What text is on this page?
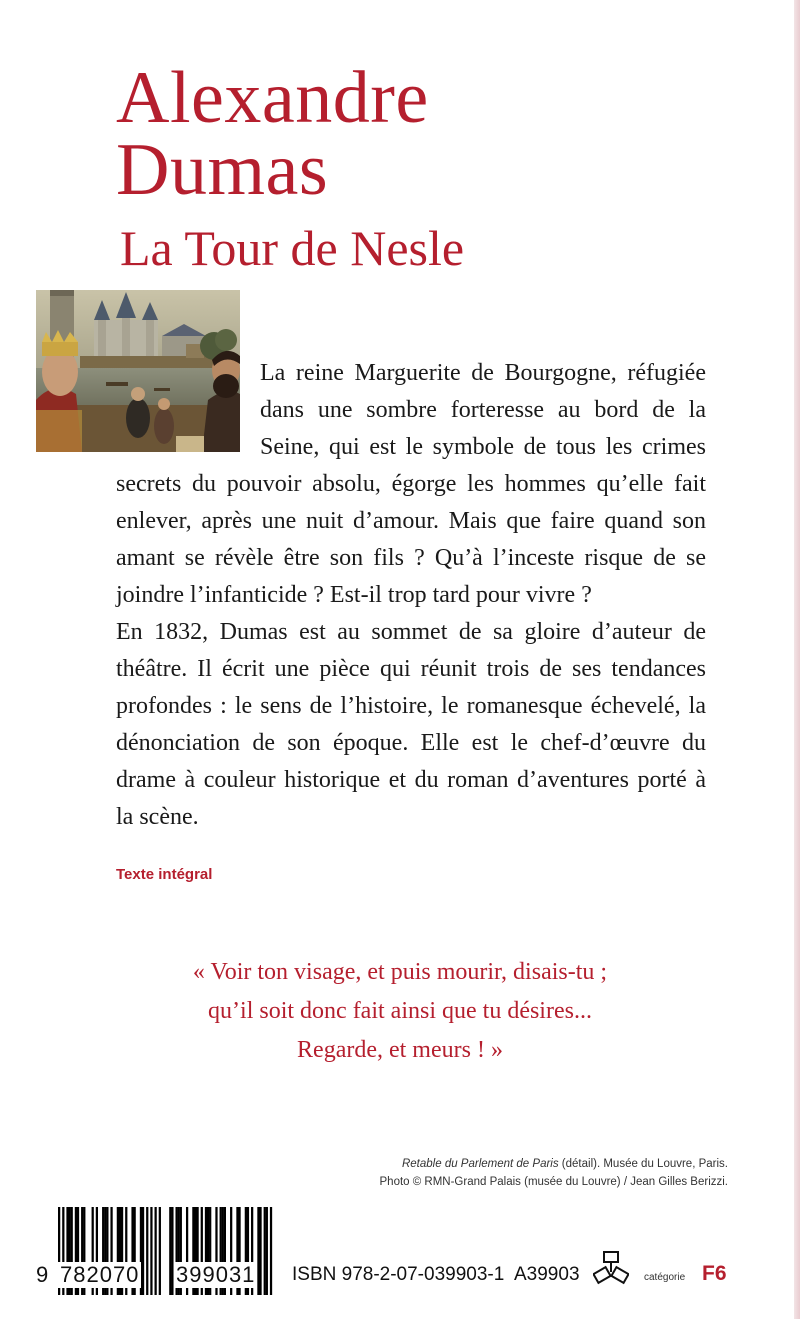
Alexandre
Dumas
La Tour de Nesle

La reine Marguerite de Bourgogne, réfugiée dans une sombre forteresse au bord de la Seine, qui est le symbole de tous les crimes secrets du pouvoir absolu, égorge les hommes qu’elle fait enlever, après une nuit d’amour. Mais que faire quand son amant se révèle être son fils ? Qu’à l’inceste risque de se joindre l’infanticide ? Est-il trop tard pour vivre ?

En 1832, Dumas est au sommet de sa gloire d’auteur de théâtre. Il écrit une pièce qui réunit trois de ses tendances profondes : le sens de l’histoire, le romanesque échevelé, la dénonciation de son époque. Elle est le chef-d’œuvre du drame à couleur historique et du roman d’aventures porté à la scène.

Texte intégral
« Voir ton visage, et puis mourir, disais-tu ;
qu’il soit donc fait ainsi que tu désires...
Regarde, et meurs ! »
Retable du Parlement de Paris (détail). Musée du Louvre, Paris.
Photo © RMN-Grand Palais (musée du Louvre) / Jean Gilles Berizzi.
9 782070 399031 ISBN 978-2-07-039903-1 A39903	catégorie F6
